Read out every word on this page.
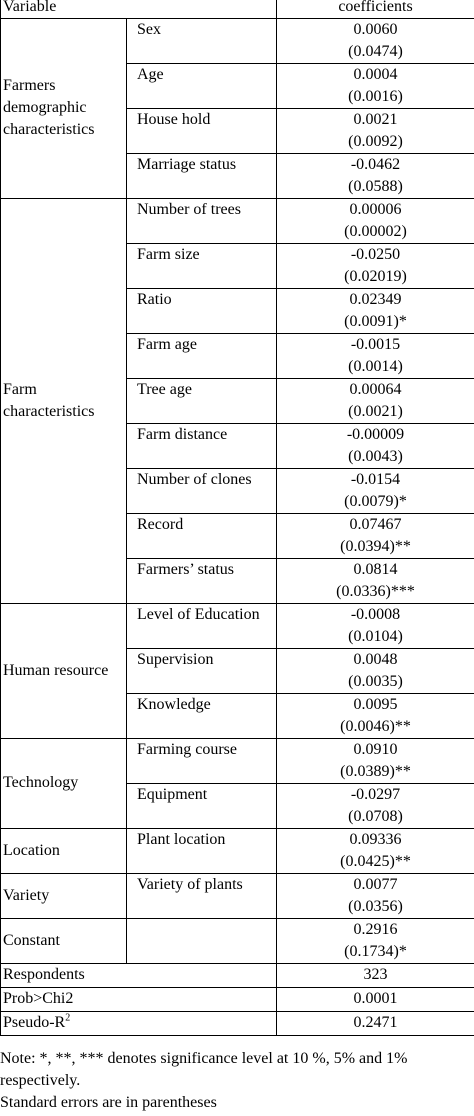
Variable		coefficients
Farmers demographic characteristics	Sex	0.0060
(0.0474)

	Age	0.0004
(0.0016)

	House hold	0.0021
(0.0092)

	Marriage status	-0.0462
(0.0588)

Farm characteristics	Number of trees	0.00006
(0.00002)

	Farm size	-0.0250
(0.02019)

	Ratio	0.02349
(0.0091)*

	Farm age	-0.0015
(0.0014)

	Tree age	0.00064
(0.0021)

	Farm distance	-0.00009
(0.0043)

	Number of clones	-0.0154
(0.0079)*

	Record	0.07467
(0.0394)**

	Farmers’ status	0.0814
(0.0336)***

Human resource	Level of Education	-0.0008
(0.0104)

	Supervision	0.0048
(0.0035)

	Knowledge	0.0095
(0.0046)**

Technology	Farming course	0.0910
(0.0389)**

	Equipment	-0.0297
(0.0708)

Location	Plant location	0.09336
(0.0425)**

Variety	Variety of plants	0.0077
(0.0356)

Constant		0.2916
(0.1734)*

Respondents		323
Prob>Chi2		0.0001
Pseudo-$R^2$		0.2471
Note: *, **, *** denotes significance level at 10 %, 5% and 1%
respectively.
Standard errors are in parentheses
